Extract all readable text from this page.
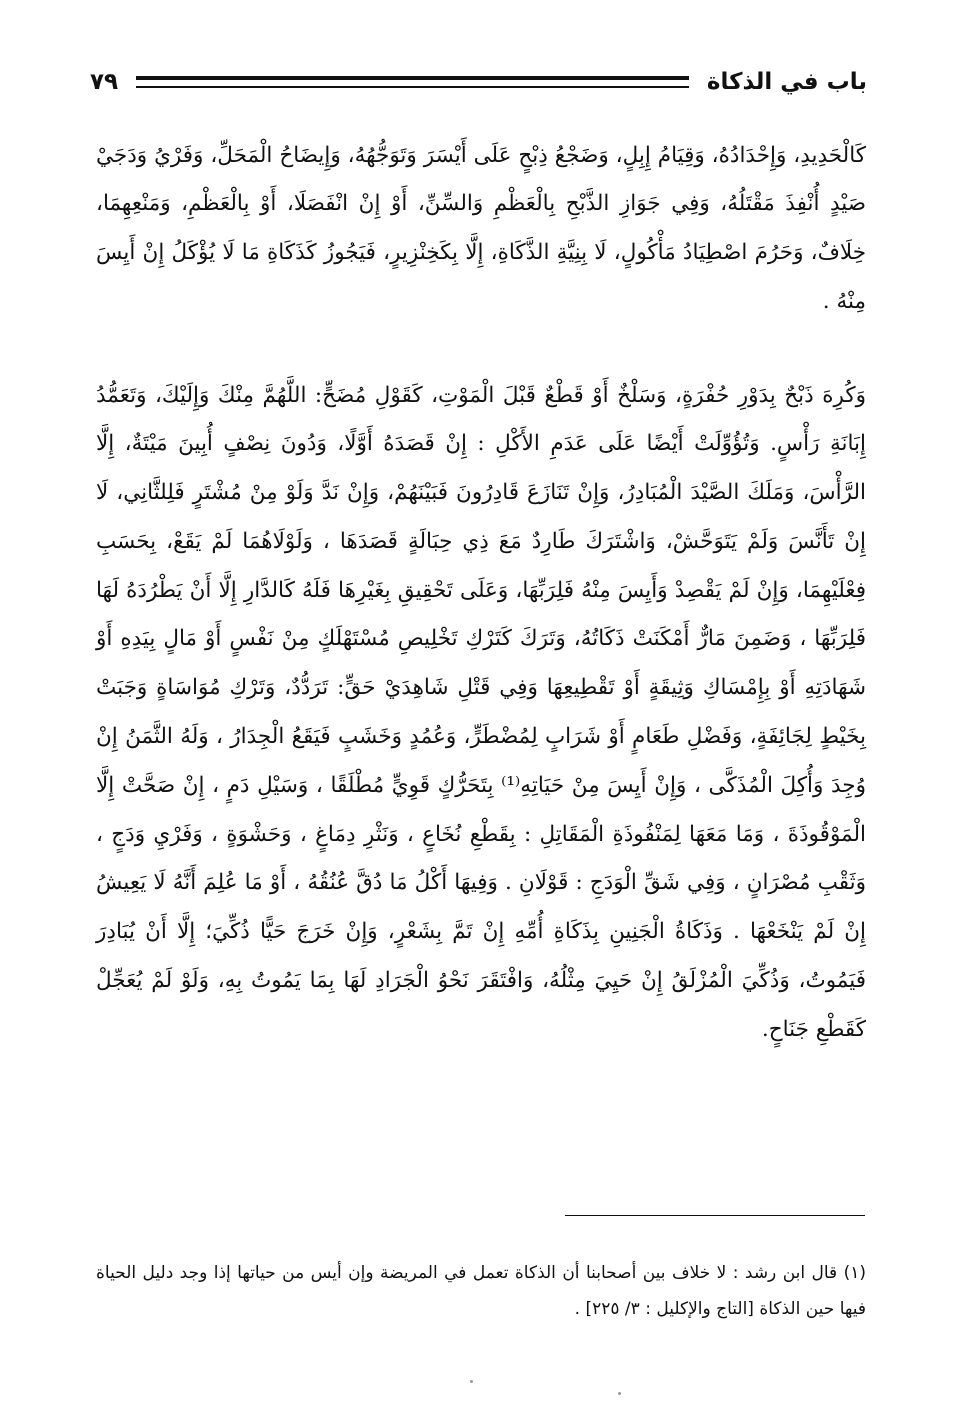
باب في الذكاة
٧٩

كَالْحَدِيدِ، وَإِحْدَادُهُ، وَقِيَامُ إِبِلٍ، وَضَجْعُ ذِبْحٍ عَلَى أَيْسَرَ وَتَوَجُّهُهُ، وَإِيضَاحُ الْمَحَلِّ، وَفَرْيُ وَدَجَيْ صَيْدٍ أُنْفِذَ مَقْتَلُهُ، وَفِي جَوَازِ الذَّبْحِ بِالْعَظْمِ وَالسِّنِّ، أَوْ إِنْ انْفَصَلَا، أَوْ بِالْعَظْمِ، وَمَنْعِهِمَا، خِلَافٌ، وَحَرُمَ اصْطِيَادُ مَأْكُولٍ، لَا بِنِيَّةِ الذَّكَاةِ، إِلَّا بِكَخِنْزِيرٍ، فَيَجُوزُ كَذَكَاةِ مَا لَا يُؤْكَلُ إِنْ أَيِسَ مِنْهُ .

وَكُرِهَ ذَبْحٌ بِدَوْرِ حُفْرَةٍ، وَسَلْخٌ أَوْ قَطْعٌ قَبْلَ الْمَوْتِ، كَقَوْلِ مُضَحٍّ: اللَّهُمَّ مِنْكَ وَإِلَيْكَ، وَتَعَمُّدُ إِبَانَةِ رَأْسٍ. وَتُؤُوِّلَتْ أَيْضًا عَلَى عَدَمِ الأَكْلِ : إِنْ قَصَدَهُ أَوَّلًا، وَدُونَ نِصْفٍ أُبِينَ مَيْتَةٌ، إِلَّا الرَّأْسَ، وَمَلَكَ الصَّيْدَ الْمُبَادِرُ، وَإِنْ تَنَازَعَ قَادِرُونَ فَبَيْنَهُمْ، وَإِنْ نَدَّ وَلَوْ مِنْ مُشْتَرٍ فَلِلثَّانِي، لَا إِنْ تَأَنَّسَ وَلَمْ يَتَوَحَّشْ، وَاشْتَرَكَ طَارِدٌ مَعَ ذِي حِبَالَةٍ قَصَدَهَا ، وَلَوْلَاهُمَا لَمْ يَقَعْ، بِحَسَبِ فِعْلَيْهِمَا، وَإِنْ لَمْ يَقْصِدْ وَأَيِسَ مِنْهُ فَلِرَبِّهَا، وَعَلَى تَحْقِيقِ بِغَيْرِهَا فَلَهُ كَالدَّارِ إِلَّا أَنْ يَطْرُدَهُ لَهَا فَلِرَبِّهَا ، وَضَمِنَ مَارٌّ أَمْكَنَتْ ذَكَاتُهُ، وَتَرَكَ كَتَرْكِ تَخْلِيصِ مُسْتَهْلَكٍ مِنْ نَفْسٍ أَوْ مَالٍ بِيَدِهِ أَوْ شَهَادَتِهِ أَوْ بِإِمْسَاكِ وَثِيقَةٍ أَوْ تَقْطِيعِهَا وَفِي قَتْلِ شَاهِدَيْ حَقٍّ: تَرَدُّدٌ، وَتَرْكِ مُوَاسَاةٍ وَجَبَتْ بِخَيْطٍ لِجَائِفَةٍ، وَفَضْلِ طَعَامٍ أَوْ شَرَابٍ لِمُضْطَرٍّ، وَعُمُدٍ وَخَشَبٍ فَيَقَعُ الْجِدَارُ ، وَلَهُ الثَّمَنُ إِنْ وُجِدَ وَأُكِلَ الْمُذَكَّى ، وَإِنْ أَيِسَ مِنْ حَيَاتِهِ⁽¹⁾ بِتَحَرُّكٍ قَوِيٍّ مُطْلَقًا ، وَسَيْلِ دَمٍ ، إِنْ صَحَّتْ إِلَّا الْمَوْقُوذَةَ ، وَمَا مَعَهَا لِمَنْفُوذَةِ الْمَقَاتِلِ : بِقَطْعِ نُخَاعٍ ، وَنَثْرِ دِمَاغٍ ، وَحَشْوَةٍ ، وَفَرْيِ وَدَجٍ ، وَثَقْبِ مُصْرَانٍ ، وَفِي شَقِّ الْوَدَجِ : قَوْلَانِ . وَفِيهَا أَكْلُ مَا دُقَّ عُنُقُهُ ، أَوْ مَا عُلِمَ أَنَّهُ لَا يَعِيشُ إِنْ لَمْ يَنْخَعْهَا . وَذَكَاةُ الْجَنِينِ بِذَكَاةِ أُمِّهِ إِنْ تَمَّ بِشَعْرٍ، وَإِنْ خَرَجَ حَيًّا ذُكِّيَ؛ إِلَّا أَنْ يُبَادِرَ فَيَمُوتُ، وَذُكِّيَ الْمُزْلَقُ إِنْ حَيِيَ مِثْلُهُ، وَافْتَقَرَ نَحْوُ الْجَرَادِ لَهَا بِمَا يَمُوتُ بِهِ، وَلَوْ لَمْ يُعَجِّلْ كَقَطْعِ جَنَاحٍ.

(١) قال ابن رشد : لا خلاف بين أصحابنا أن الذكاة تعمل في المريضة وإن أيس من حياتها إذا وجد دليل الحياة فيها حين الذكاة [التاج والإكليل : ٣/ ٢٢٥] .
